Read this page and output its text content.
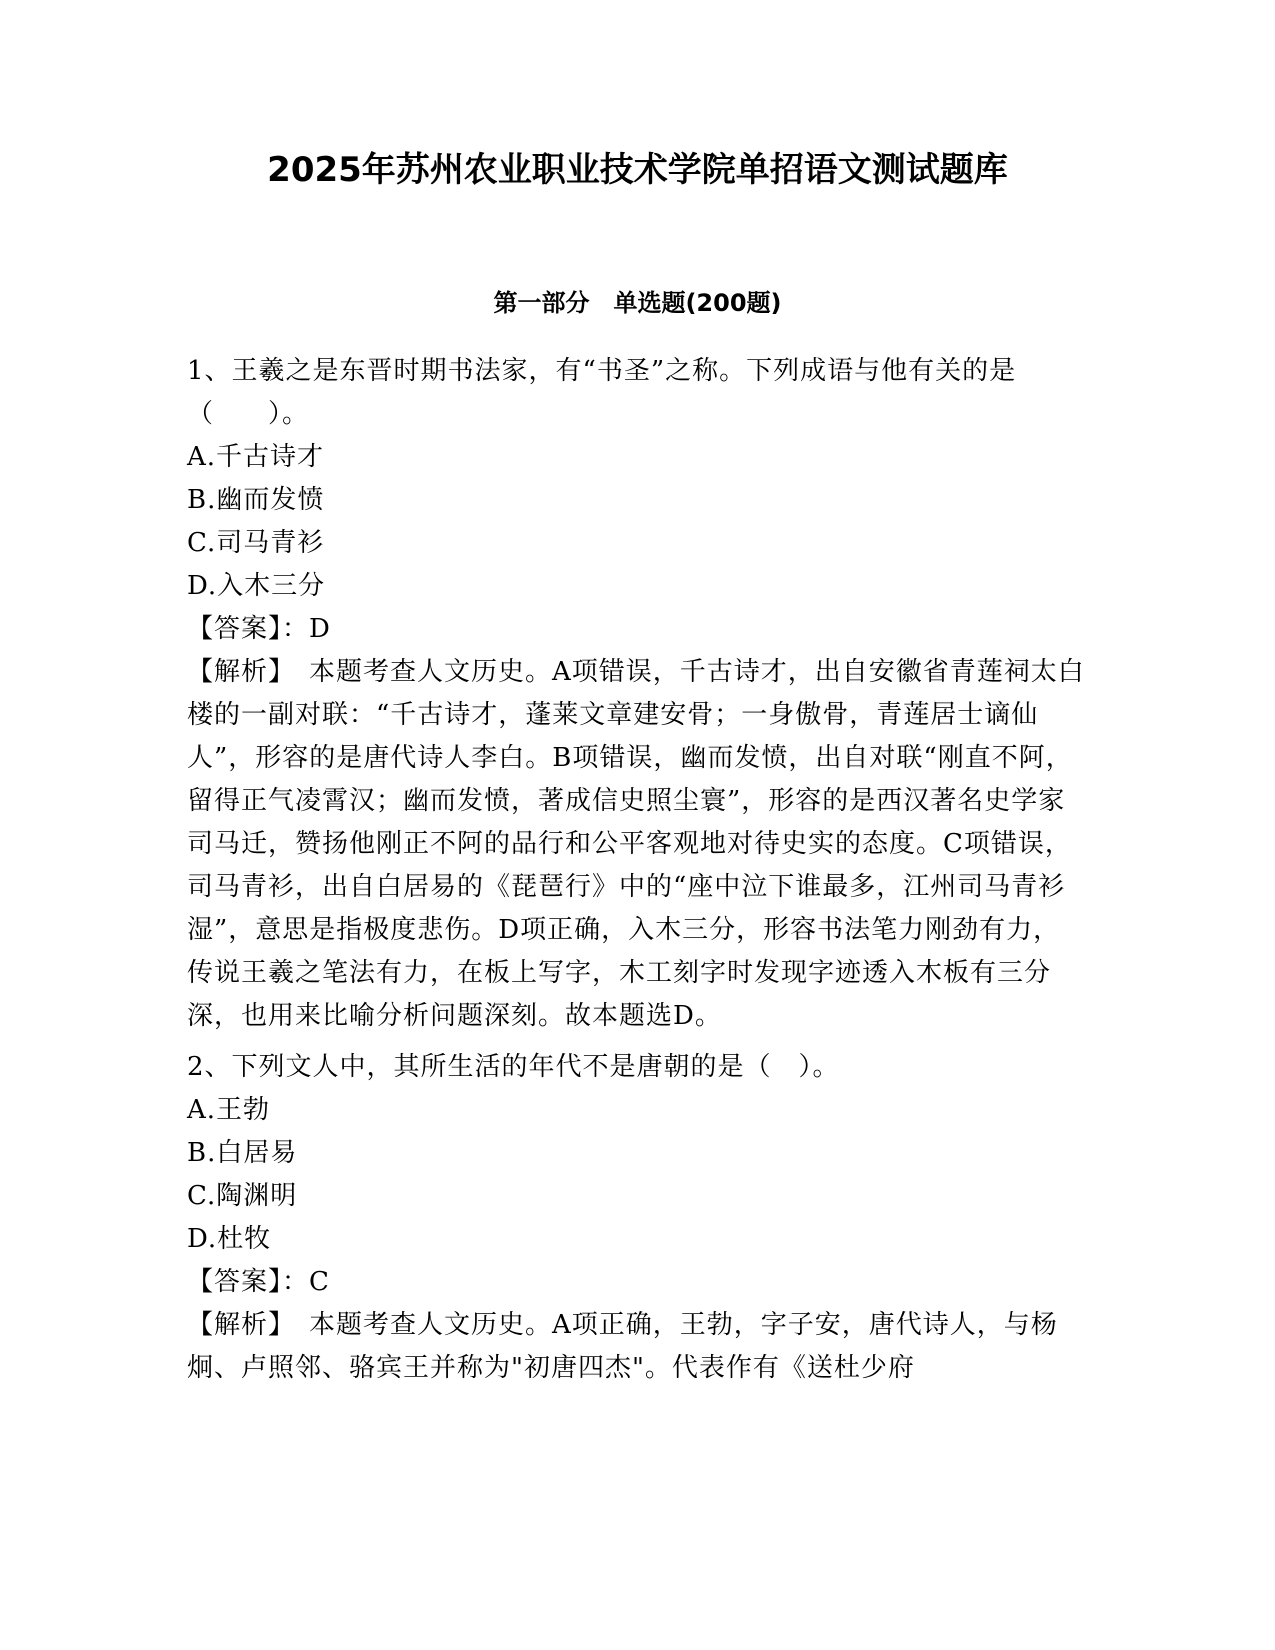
2025年苏州农业职业技术学院单招语文测试题库
第一部分　单选题(200题)
1、王羲之是东晋时期书法家，有“书圣”之称。下列成语与他有关的是（　　）。
A.千古诗才
B.幽而发愤
C.司马青衫
D.入木三分
【答案】：D
【解析】　本题考查人文历史。A项错误，千古诗才，出自安徽省青莲祠太白楼的一副对联：“千古诗才，蓬莱文章建安骨；一身傲骨，青莲居士谪仙人”，形容的是唐代诗人李白。B项错误，幽而发愤，出自对联“刚直不阿，留得正气凌霄汉；幽而发愤，著成信史照尘寰”，形容的是西汉著名史学家司马迁，赞扬他刚正不阿的品行和公平客观地对待史实的态度。C项错误，司马青衫，出自白居易的《琵琶行》中的“座中泣下谁最多，江州司马青衫湿”，意思是指极度悲伤。D项正确，入木三分，形容书法笔力刚劲有力，传说王羲之笔法有力，在板上写字，木工刻字时发现字迹透入木板有三分深，也用来比喻分析问题深刻。故本题选D。
2、下列文人中，其所生活的年代不是唐朝的是（　）。
A.王勃
B.白居易
C.陶渊明
D.杜牧
【答案】：C
【解析】　本题考查人文历史。A项正确，王勃，字子安，唐代诗人，与杨炯、卢照邻、骆宾王并称为"初唐四杰"。代表作有《送杜少府
